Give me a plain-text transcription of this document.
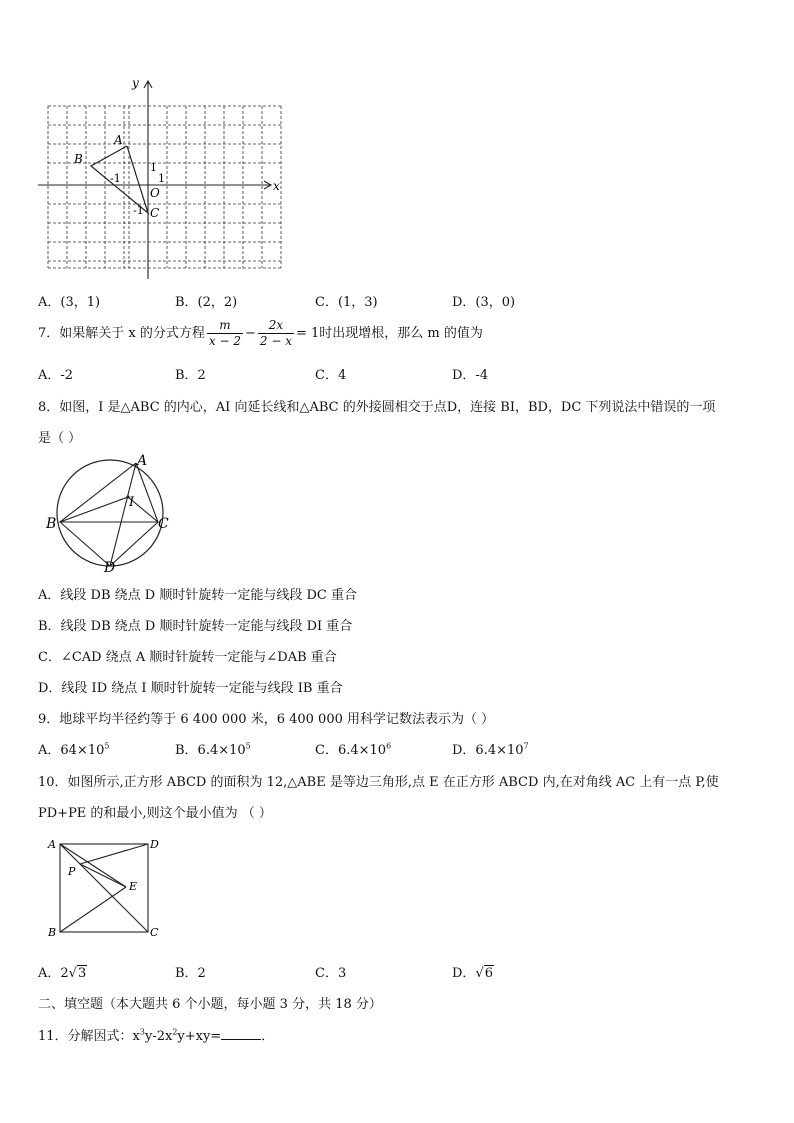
y
x
A
B
O
C
1
1
-1
-1
A．(3，1)	B．(2，2)	C．(1，3)	D．(3，0)
7．如果解关于 x 的分式方程 $\frac{m}{x - 2} - \frac{2x}{2 - x} = 1$时出现增根，那么 m 的值为
A．-2	B．2	C．4	D．-4
8．如图，I 是△ABC 的内心，AI 向延长线和△ABC 的外接圆相交于点D，连接 BI，BD，DC 下列说法中错误的一项
是（ ）
A
B	C
D
I
A．线段 DB 绕点 D 顺时针旋转一定能与线段 DC 重合
B．线段 DB 绕点 D 顺时针旋转一定能与线段 DI 重合
C．∠CAD 绕点 A 顺时针旋转一定能与∠DAB 重合
D．线段 ID 绕点 I 顺时针旋转一定能与线段 IB 重合
9．地球平均半径约等于 6 400 000 米，6 400 000 用科学记数法表示为（ ）
A．$64\times 10^5$	B．$6.4\times 10^5$	C．$6.4\times 10^6$	D．$6.4\times 10^7$
10．如图所示,正方形 ABCD 的面积为 12,△ABE 是等边三角形,点 E 在正方形 ABCD 内,在对角线 AC 上有一点 P,使
PD+PE 的和最小,则这个最小值为 （ ）
A	D
B	C
P
E
A．2√3	B．2	C．3	D．√6
二、填空题（本大题共 6 个小题，每小题 3 分，共 18 分）
11．分解因式：$x^3y-2x^2y+xy=$	．
